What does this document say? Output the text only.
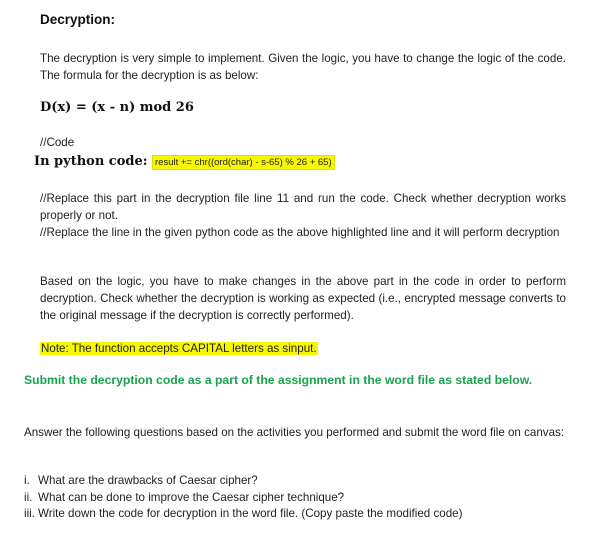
Decryption:
The decryption is very simple to implement. Given the logic, you have to change the logic of the code. The formula for the decryption is as below:
D(x) = (x - n) mod 26
//Code
In python code: result += chr((ord(char) - s-65) % 26 + 65)
//Replace this part in the decryption file line 11 and run the code. Check whether decryption works properly or not.
//Replace the line in the given python code as the above highlighted line and it will perform decryption
Based on the logic, you have to make changes in the above part in the code in order to perform decryption. Check whether the decryption is working as expected (i.e., encrypted message converts to the original message if the decryption is correctly performed).
Note: The function accepts CAPITAL letters as sinput.
Submit the decryption code as a part of the assignment in the word file as stated below.
Answer the following questions based on the activities you performed and submit the word file on canvas:
i. What are the drawbacks of Caesar cipher?
ii. What can be done to improve the Caesar cipher technique?
iii. Write down the code for decryption in the word file. (Copy paste the modified code)
